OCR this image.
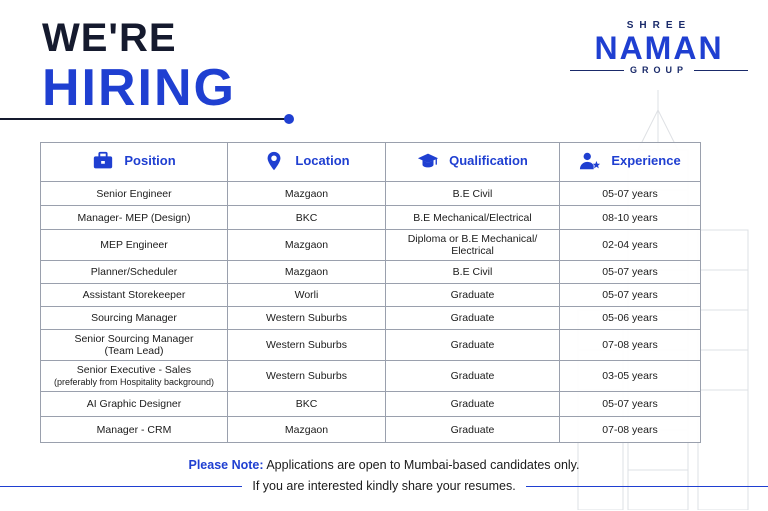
WE'RE
HIRING
SHREE
NAMAN
GROUP
Position	Location	Qualification	Experience

Senior Engineer	Mazgaon	B.E Civil	05-07 years
Manager- MEP (Design)	BKC	B.E Mechanical/Electrical	08-10 years
MEP Engineer	Mazgaon	Diploma or B.E Mechanical/ Electrical	02-04 years
Planner/Scheduler	Mazgaon	B.E Civil	05-07 years
Assistant Storekeeper	Worli	Graduate	05-07 years
Sourcing Manager	Western Suburbs	Graduate	05-06 years

Senior Sourcing Manager
(Team Lead)	Western Suburbs	Graduate	07-08 years

Senior Executive - Sales
(preferably from Hospitality background)	Western Suburbs	Graduate	03-05 years
AI Graphic Designer	BKC	Graduate	05-07 years
Manager - CRM	Mazgaon	Graduate	07-08 years
Please Note: Applications are open to Mumbai-based candidates only.
If you are interested kindly share your resumes.
